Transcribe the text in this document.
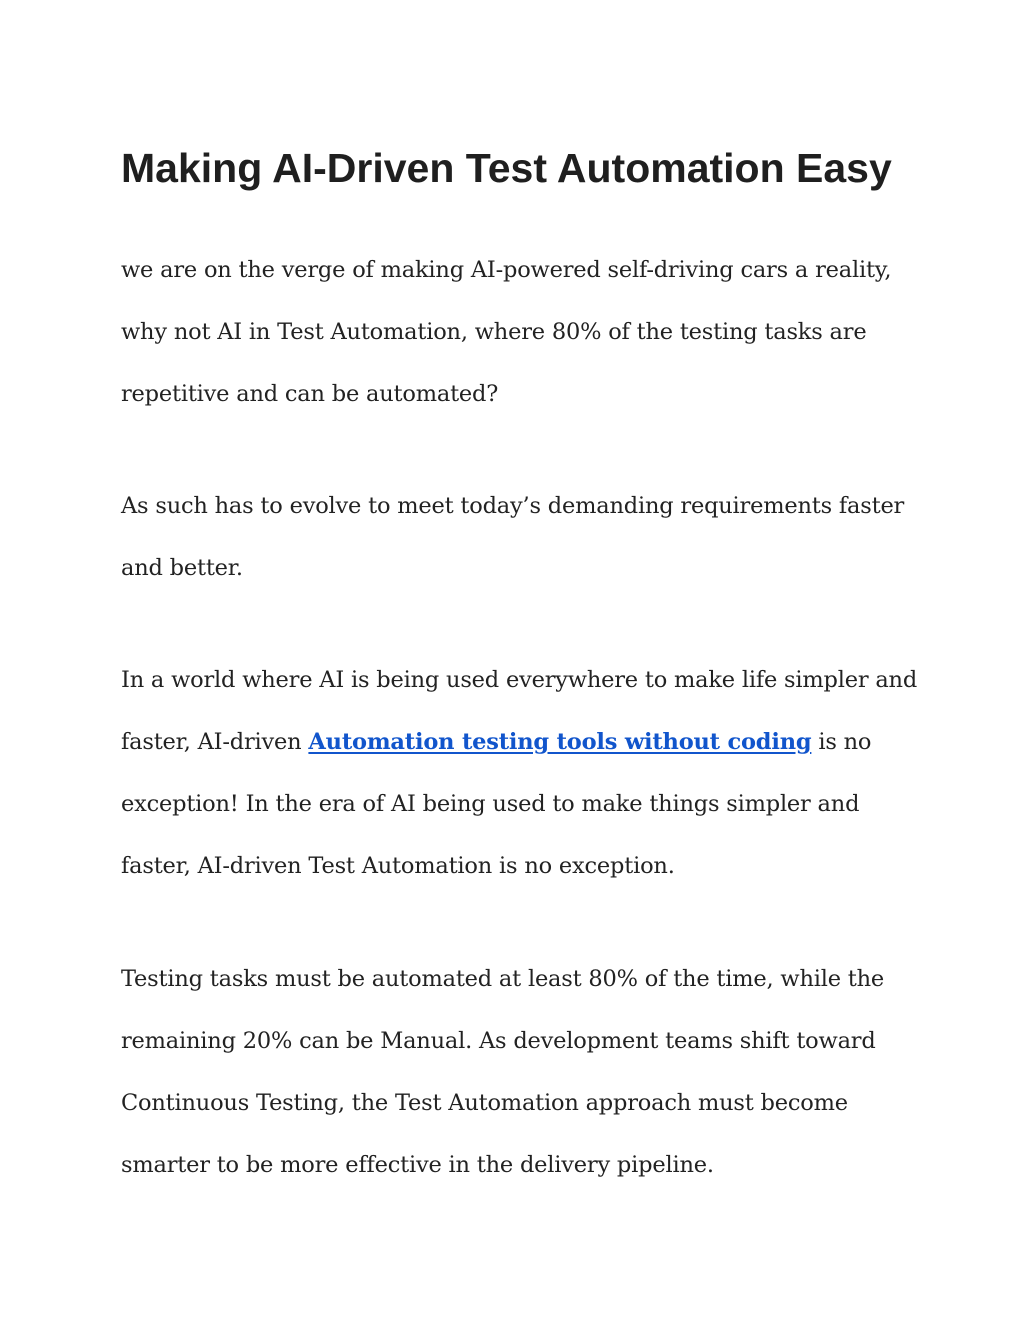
Making AI-Driven Test Automation Easy

we are on the verge of making AI-powered self-driving cars a reality,
why not AI in Test Automation, where 80% of the testing tasks are
repetitive and can be automated?

As such has to evolve to meet today’s demanding requirements faster
and better.

In a world where AI is being used everywhere to make life simpler and
faster, AI-driven Automation testing tools without coding is no
exception! In the era of AI being used to make things simpler and
faster, AI-driven Test Automation is no exception.

Testing tasks must be automated at least 80% of the time, while the
remaining 20% can be Manual. As development teams shift toward
Continuous Testing, the Test Automation approach must become
smarter to be more effective in the delivery pipeline.
